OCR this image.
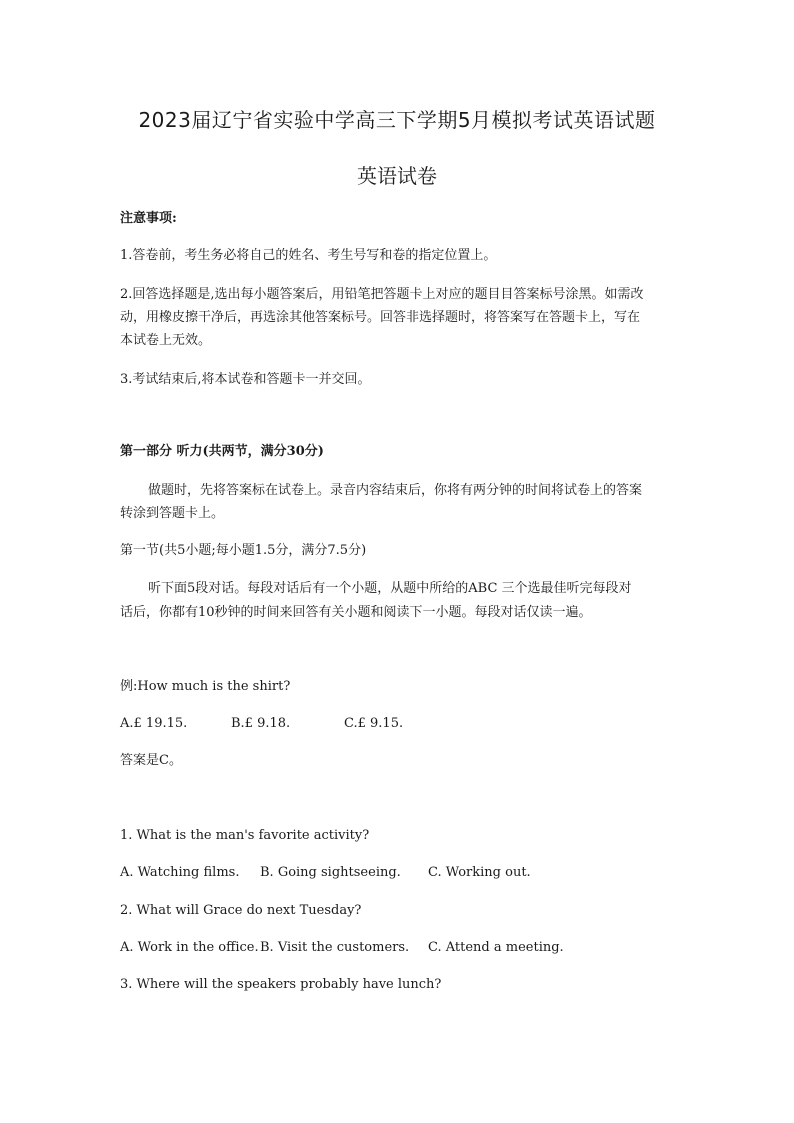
2023届辽宁省实验中学高三下学期5月模拟考试英语试题
英语试卷
注意事项:
1.答卷前，考生务必将自己的姓名、考生号写和卷的指定位置上。
2.回答选择题是,选出每小题答案后，用铅笔把答题卡上对应的题目目答案标号涂黑。如需改
动，用橡皮擦干净后，再选涂其他答案标号。回答非选择题时，将答案写在答题卡上，写在
本试卷上无效。
3.考试结束后,将本试卷和答题卡一并交回。
第一部分 听力(共两节，满分30分)
做题时，先将答案标在试卷上。录音内容结束后，你将有两分钟的时间将试卷上的答案
转涂到答题卡上。
第一节(共5小题;每小题1.5分，满分7.5分)
听下面5段对话。每段对话后有一个小题，从题中所给的ABC 三个选最佳听完每段对
话后，你都有10秒钟的时间来回答有关小题和阅读下一小题。每段对话仅读一遍。
例:How much is the shirt?
A.£ 19.15.	B.£ 9.18.	C.£ 9.15.
答案是C。
1. What is the man's favorite activity?
A. Watching films. B. Going sightseeing. C. Working out.
2. What will Grace do next Tuesday?
A. Work in the office. B. Visit the customers. C. Attend a meeting.
3. Where will the speakers probably have lunch?
